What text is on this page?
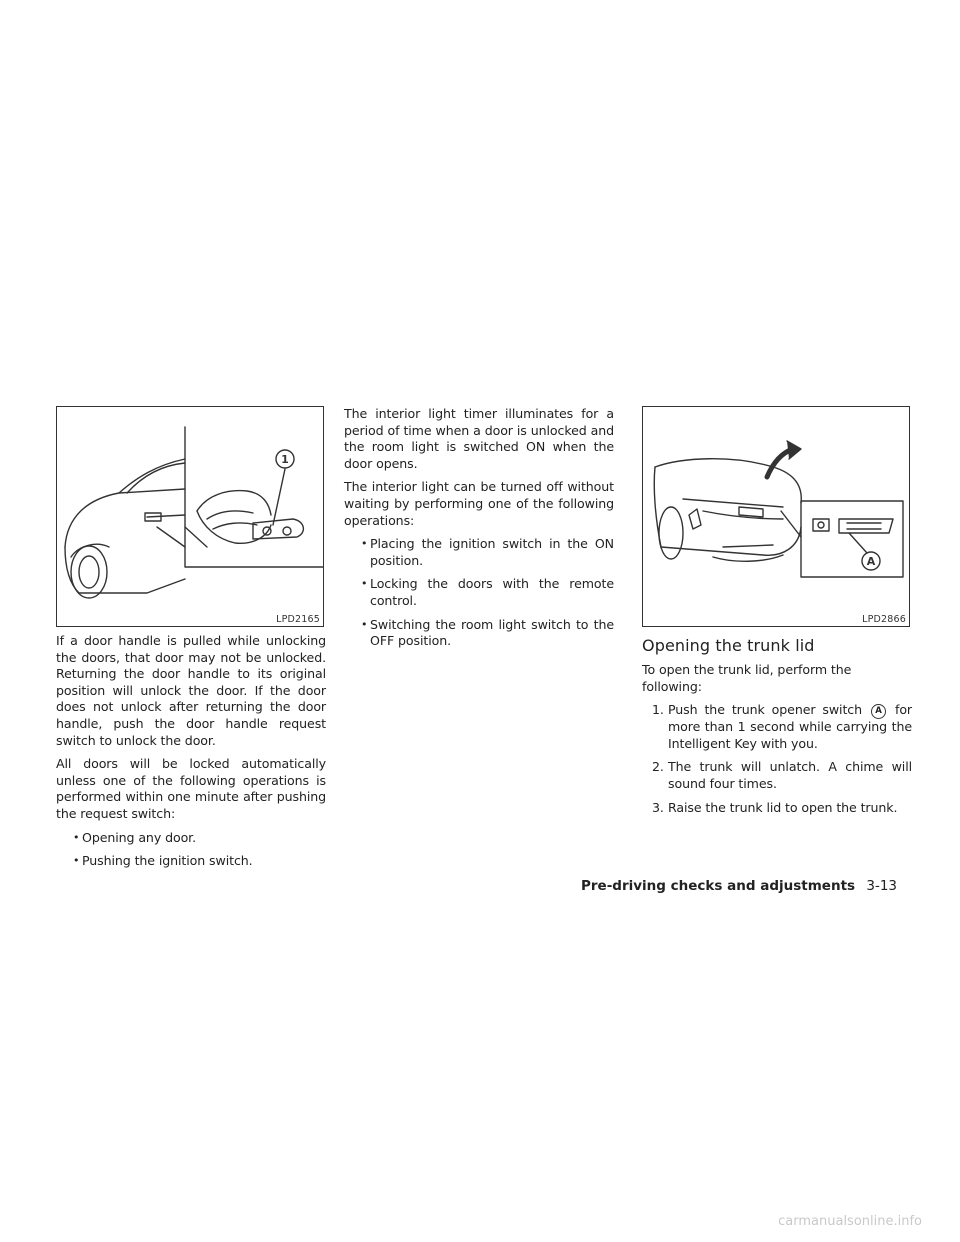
1
LPD2165

If a door handle is pulled while unlocking the doors, that door may not be unlocked. Returning the door handle to its original position will unlock the door. If the door does not unlock after returning the door handle, push the door handle request switch to unlock the door.

All doors will be locked automatically unless one of the following operations is performed within one minute after pushing the request switch:

• Opening any door.

• Pushing the ignition switch.

The interior light timer illuminates for a period of time when a door is unlocked and the room light is switched ON when the door opens.

The interior light can be turned off without waiting by performing one of the following operations:

• Placing the ignition switch in the ON position.

• Locking the doors with the remote control.

• Switching the room light switch to the OFF position.

A
LPD2866
Opening the trunk lid

To open the trunk lid, perform the following:

1. Push the trunk opener switch A for more than 1 second while carrying the Intelligent Key with you.

2. The trunk will unlatch. A chime will sound four times.

3. Raise the trunk lid to open the trunk.

Pre-driving checks and adjustments 3-13
carmanualsonline.info
